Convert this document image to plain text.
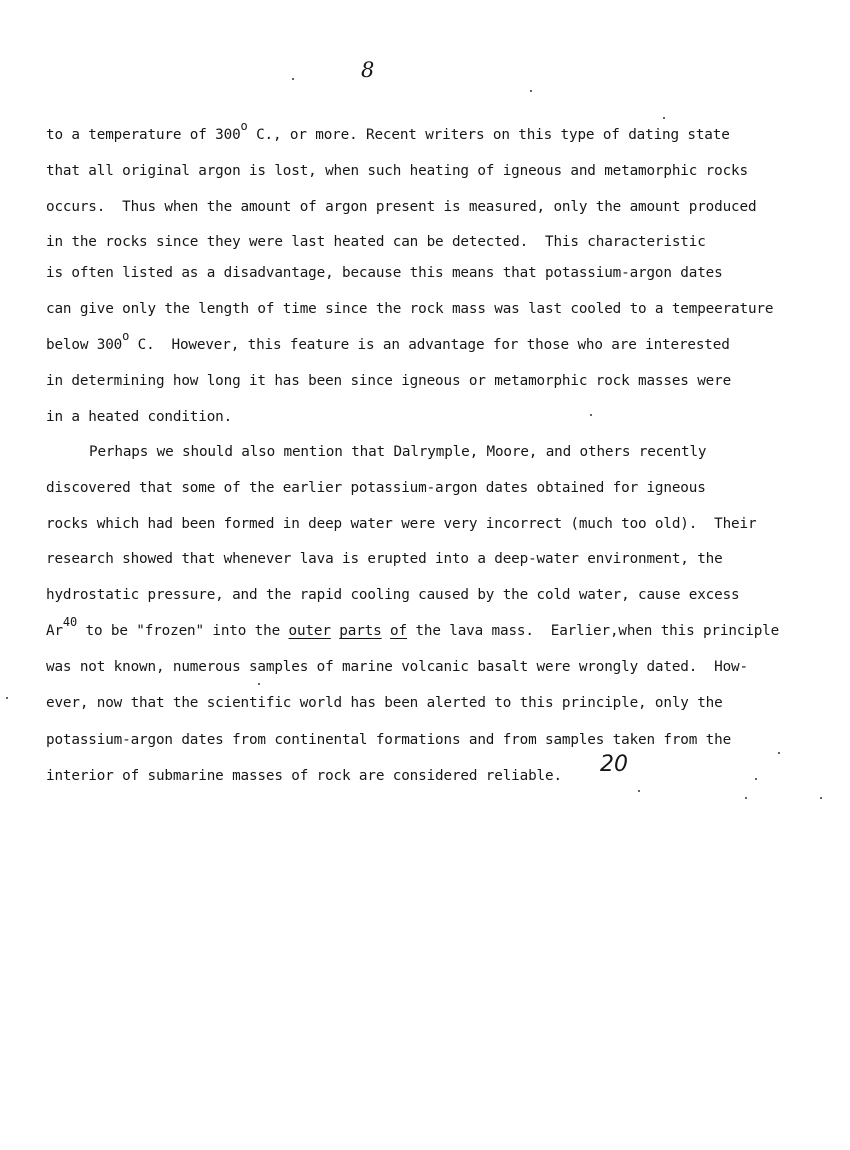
8
to a temperature of 300$^o$ C., or more. Recent writers on this type of dating state
that all original argon is lost, when such heating of igneous and metamorphic rocks
occurs.  Thus when the amount of argon present is measured, only the amount produced
in the rocks since they were last heated can be detected.  This characteristic
is often listed as a disadvantage, because this means that potassium-argon dates
can give only the length of time since the rock mass was last cooled to a tempeerature
below 300$^o$ C.  However, this feature is an advantage for those who are interested
in determining how long it has been since igneous or metamorphic rock masses were
in a heated condition.
Perhaps we should also mention that Dalrymple, Moore, and others recently
discovered that some of the earlier potassium-argon dates obtained for igneous
rocks which had been formed in deep water were very incorrect (much too old).  Their
research showed that whenever lava is erupted into a deep-water environment, the
hydrostatic pressure, and the rapid cooling caused by the cold water, cause excess
Ar$^{40}$ to be "frozen" into the outer parts of the lava mass.  Earlier,when this principle
was not known, numerous samples of marine volcanic basalt were wrongly dated.  How-
ever, now that the scientific world has been alerted to this principle, only the
potassium-argon dates from continental formations and from samples taken from the
interior of submarine masses of rock are considered reliable. 20
